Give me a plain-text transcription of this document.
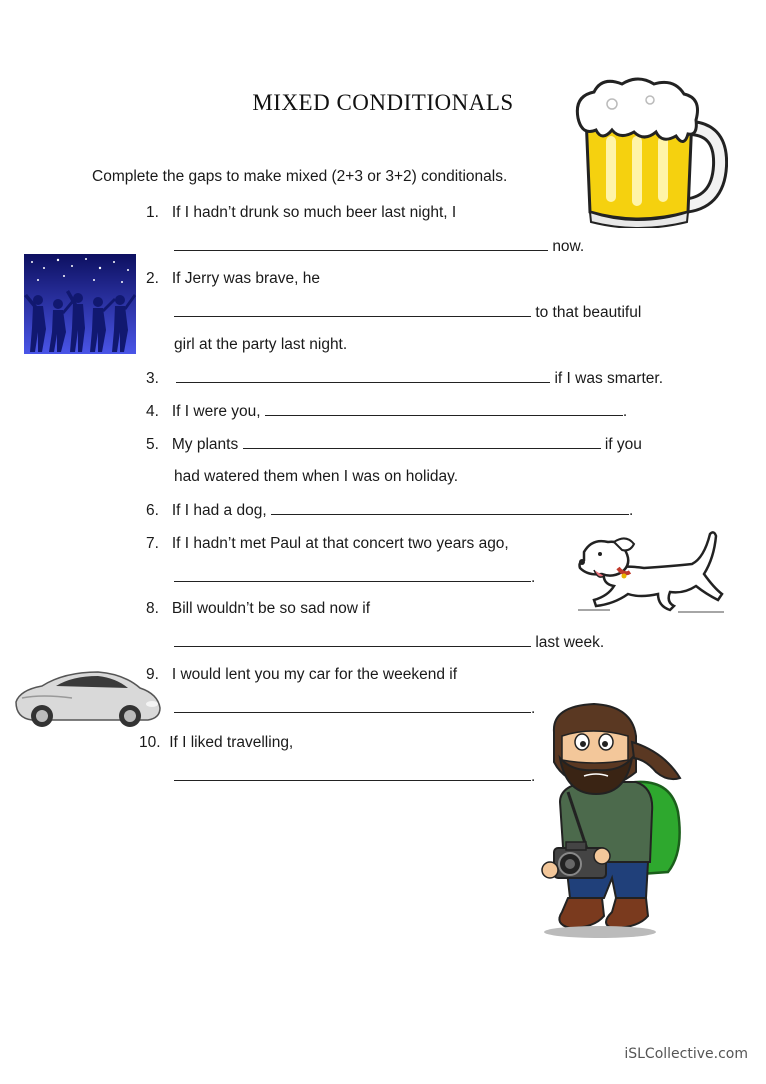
MIXED CONDITIONALS

Complete the gaps to make mixed (2+3 or 3+2) conditionals.

1. If I hadn’t drunk so much beer last night, I
now.
2. If Jerry was brave, he
to that beautiful
girl at the party last night.
3.	if I was smarter.
4. If I were you,	.
5. My plants	if you
had watered them when I was on holiday.
6. If I had a dog,	.
7. If I hadn’t met Paul at that concert two years ago,
.
8. Bill wouldn’t be so sad now if
last week.
9. I would lent you my car for the weekend if
.
10. If I liked travelling,
.
iSLCollective.com
